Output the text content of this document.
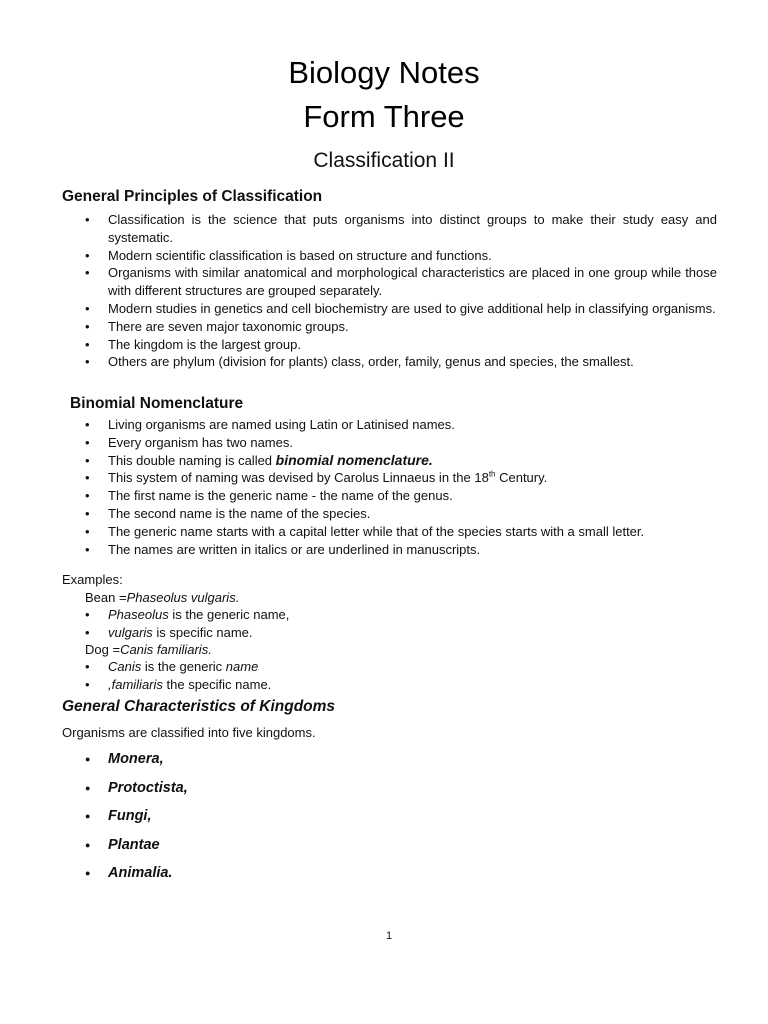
Biology Notes
Form Three
Classification II
General Principles of Classification
• Classification is the science that puts organisms into distinct groups to make their study easy and systematic.
• Modern scientific classification is based on structure and functions.
• Organisms with similar anatomical and morphological characteristics are placed in one group while those with different structures are grouped separately.
• Modern studies in genetics and cell biochemistry are used to give additional help in classifying organisms.
• There are seven major taxonomic groups.
• The kingdom is the largest group.
• Others are phylum (division for plants) class, order, family, genus and species, the smallest.
Binomial Nomenclature
• Living organisms are named using Latin or Latinised names.
• Every organism has two names.
• This double naming is called binomial nomenclature.
• This system of naming was devised by Carolus Linnaeus in the 18th Century.
• The first name is the generic name - the name of the genus.
• The second name is the name of the species.
• The generic name starts with a capital letter while that of the species starts with a small letter.
• The names are written in italics or are underlined in manuscripts.
Examples:
Bean =Phaseolus vulgaris.
• Phaseolus is the generic name,
• vulgaris is specific name.
Dog =Canis familiaris.
• Canis is the generic name
• ,familiaris the specific name.
General Characteristics of Kingdoms
Organisms are classified into five kingdoms.
● Monera,
● Protoctista,
● Fungi,
● Plantae
● Animalia.
1
